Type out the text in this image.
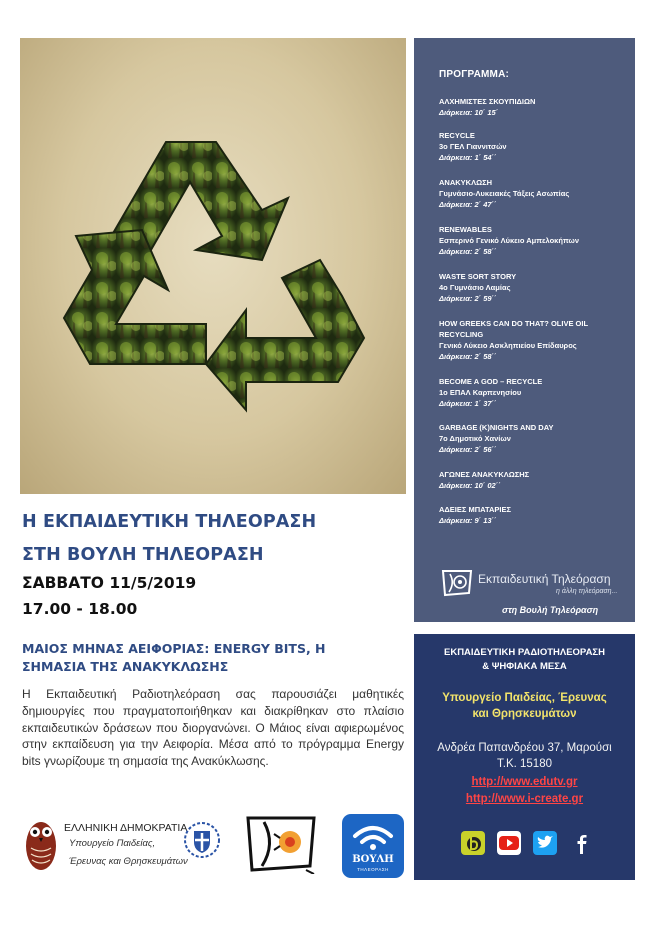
Η ΕΚΠΑΙΔΕΥΤΙΚΗ ΤΗΛΕΟΡΑΣΗ
ΣΤΗ ΒΟΥΛΗ ΤΗΛΕΟΡΑΣΗ
ΣΑΒΒΑΤΟ 11/5/2019
17.00 - 18.00
ΜΑΙΟΣ ΜΗΝΑΣ ΑΕΙΦΟΡΙΑΣ: ENERGY BITS, Η
ΣΗΜΑΣΙΑ ΤΗΣ ΑΝΑΚΥΚΛΩΣΗΣ
Η Εκπαιδευτική Ραδιοτηλεόραση σας παρουσιάζει μαθητικές δημιουργίες που πραγματοποιήθηκαν και διακρίθηκαν στο πλαίσιο εκπαιδευτικών δράσεων που διοργανώνει. Ο Μάιος είναι αφιερωμένος στην εκπαίδευση για την Αειφορία. Μέσα από το πρόγραμμα Energy bits γνωρίζουμε τη σημασία της Ανακύκλωσης.
ΕΛΛΗΝΙΚΗ ΔΗΜΟΚΡΑΤΙΑ
Υπουργείο Παιδείας,
Έρευνας και Θρησκευμάτων	ΒΟΥΛΗ
ΤΗΛΕΟΡΑΣΗ
ΠΡΟΓΡΑΜΜΑ:
ΑΛΧΗΜΙΣΤΕΣ ΣΚΟΥΠΙΔΙΩΝ
Διάρκεια: 10΄ 15΄
RECYCLE
3ο ΓΕΛ Γιαννιτσών
Διάρκεια: 1΄ 54΄΄
ΑΝΑΚΥΚΛΩΣΗ
Γυμνάσιο-Λυκειακές Τάξεις Ασωπίας
Διάρκεια: 2΄ 47΄΄
RENEWABLES
Εσπερινό Γενικό Λύκειο Αμπελοκήπων
Διάρκεια: 2΄ 58΄΄
WASTE SORT STORY
4ο Γυμνάσιο Λαμίας
Διάρκεια: 2΄ 59΄΄
HOW GREEKS CAN DO THAT? OLIVE OIL RECYCLING
Γενικό Λύκειο Ασκληπιείου Επίδαυρος
Διάρκεια: 2΄ 58΄΄
BECOME A GOD – RECYCLE
1ο ΕΠΑΛ Καρπενησίου
Διάρκεια: 1΄ 37΄΄
GARBAGE (K)NIGHTS AND DAY
7ο Δημοτικό Χανίων
Διάρκεια: 2΄ 56΄΄
ΑΓΩΝΕΣ ΑΝΑΚΥΚΛΩΣΗΣ
Διάρκεια: 10΄ 02΄΄
ΑΔΕΙΕΣ ΜΠΑΤΑΡΙΕΣ
Διάρκεια: 9΄ 13΄΄
Εκπαιδευτική Τηλεόραση
η άλλη τηλεόραση...
στη Βουλή Τηλεόραση
ΕΚΠΑΙΔΕΥΤΙΚΗ ΡΑΔΙΟΤΗΛΕΟΡΑΣΗ
& ΨΗΦΙΑΚΑ ΜΕΣΑ
Υπουργείο Παιδείας, Έρευνας
και Θρησκευμάτων
Ανδρέα Παπανδρέου 37, Μαρούσι
Τ.Κ. 15180
http://www.edutv.gr
http://www.i-create.gr
